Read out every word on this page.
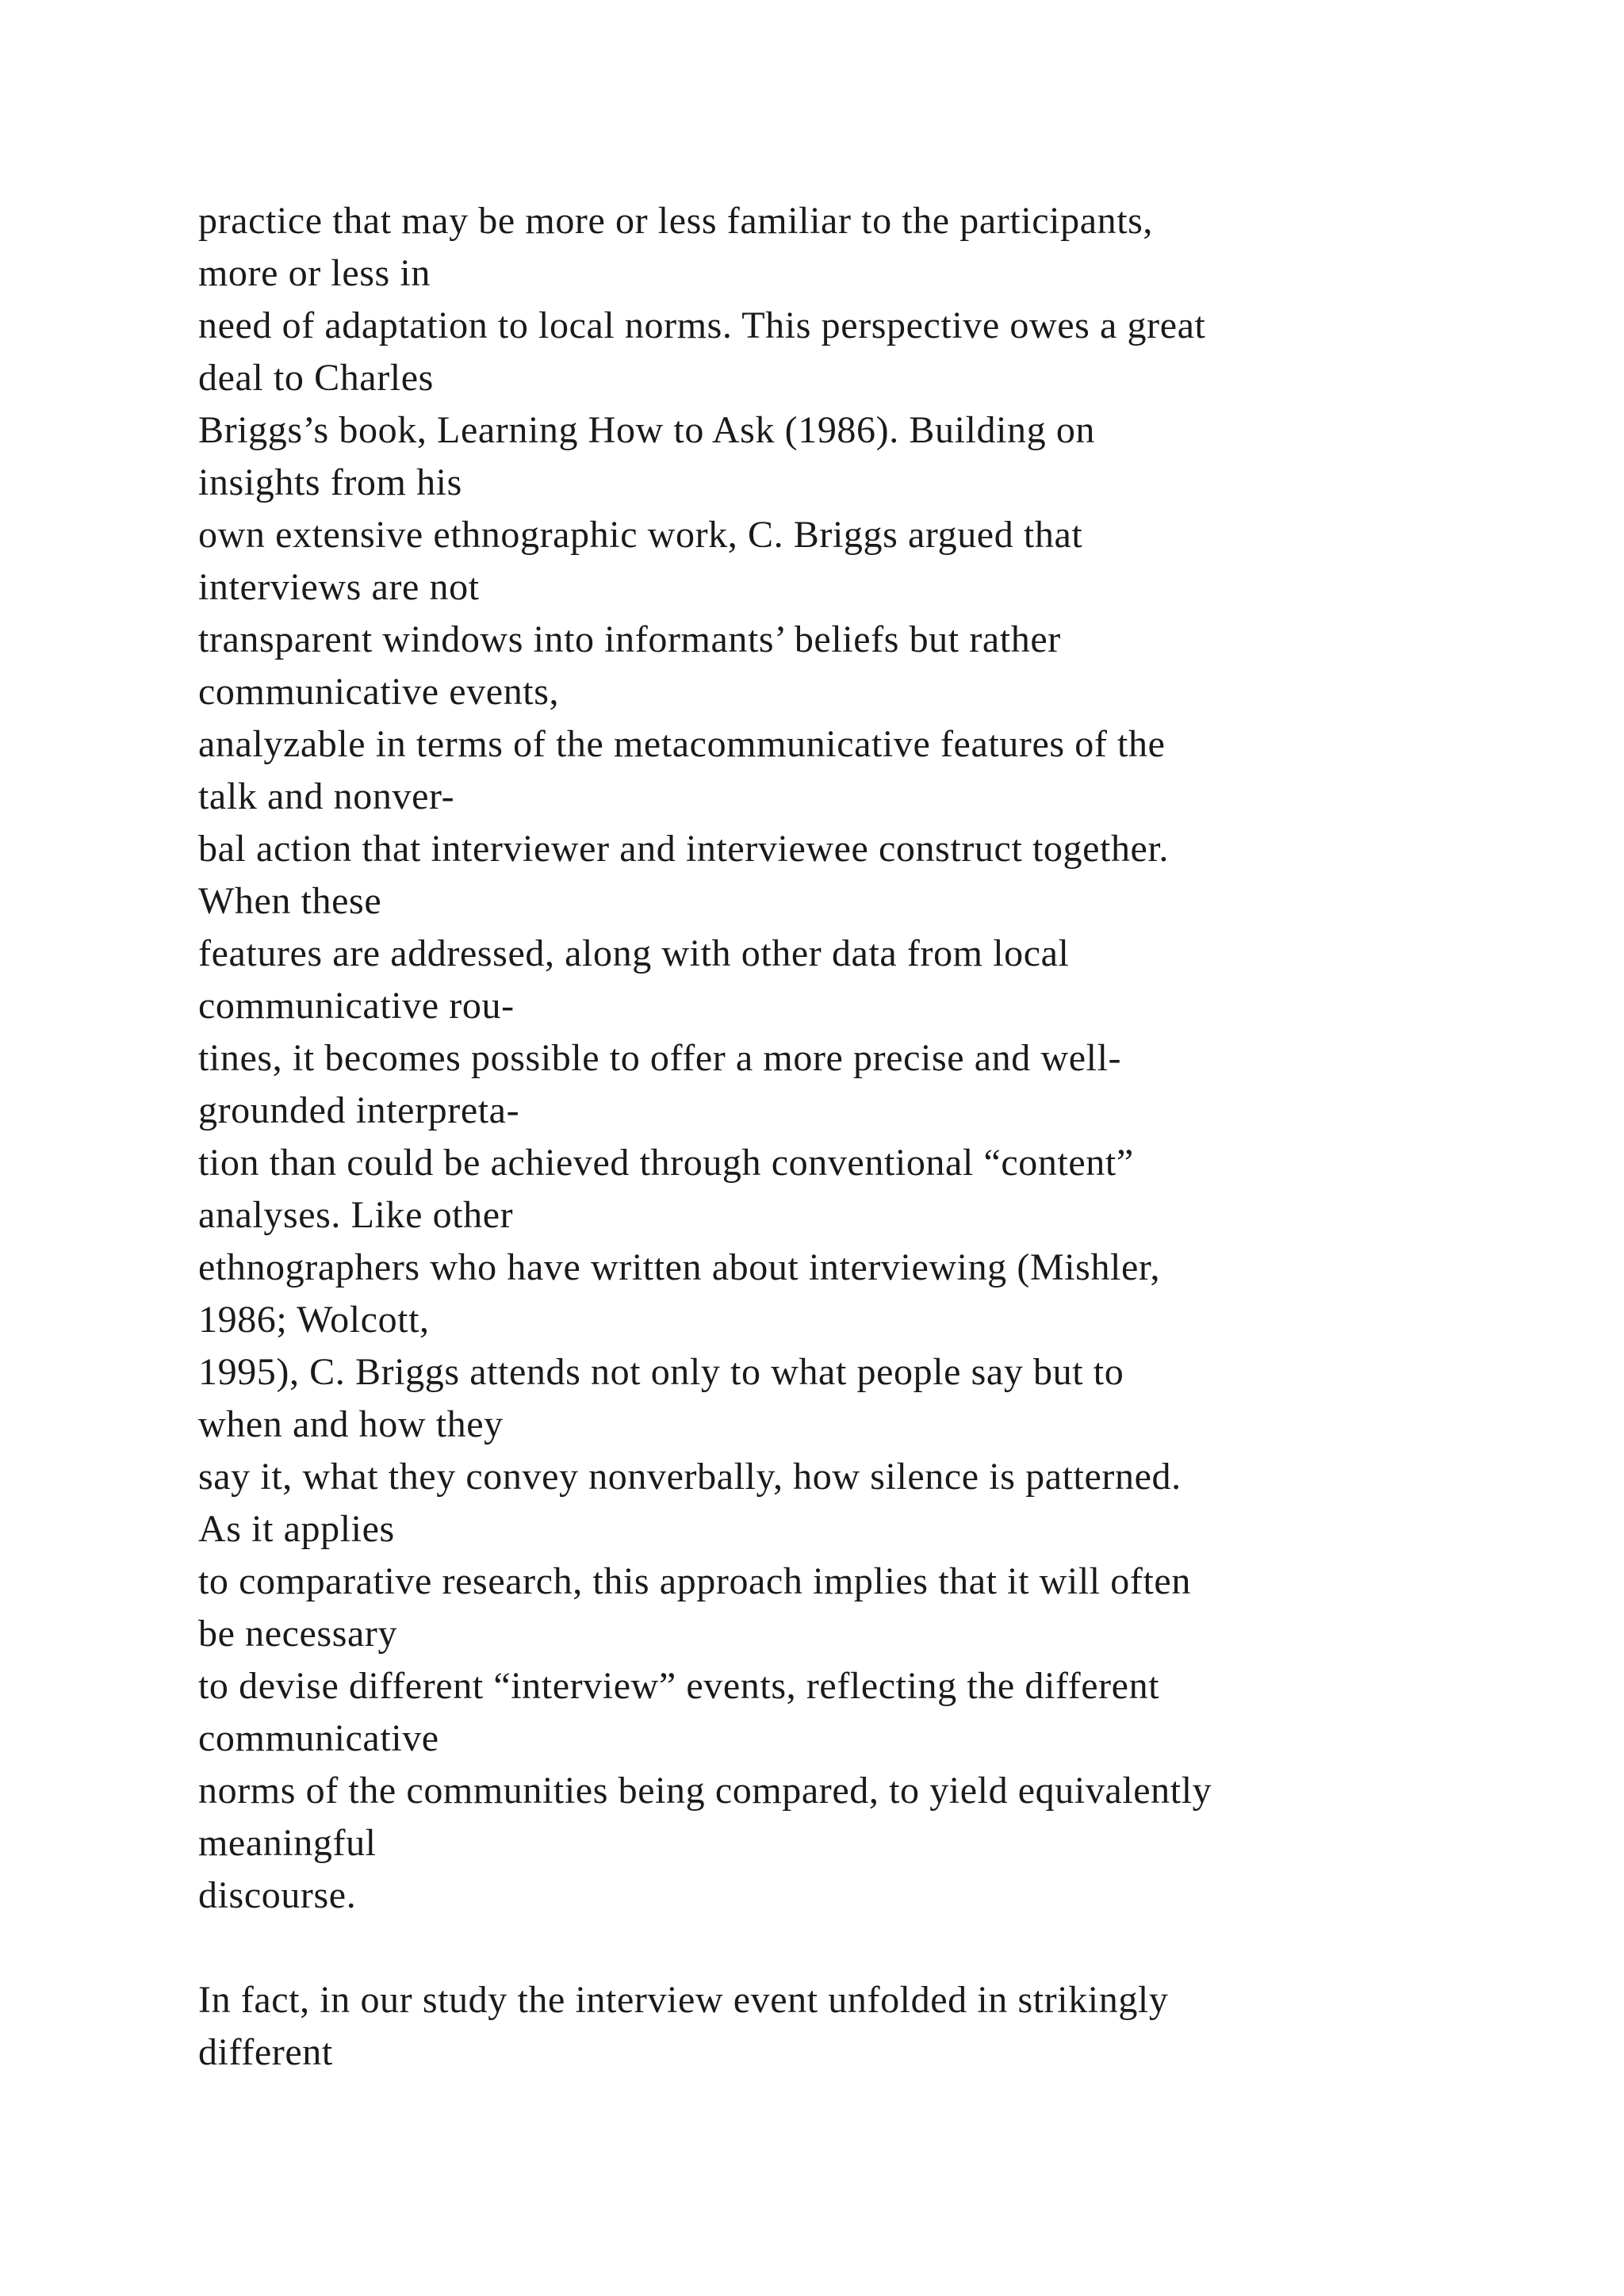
practice that may be more or less familiar to the participants,
more or less in
need of adaptation to local norms. This perspective owes a great
deal to Charles
Briggs’s book, Learning How to Ask (1986). Building on
insights from his
own extensive ethnographic work, C. Briggs argued that
interviews are not
transparent windows into informants’ beliefs but rather
communicative events,
analyzable in terms of the metacommunicative features of the
talk and nonver-
bal action that interviewer and interviewee construct together.
When these
features are addressed, along with other data from local
communicative rou-
tines, it becomes possible to offer a more precise and well-
grounded interpreta-
tion than could be achieved through conventional “content”
analyses. Like other
ethnographers who have written about interviewing (Mishler,
1986; Wolcott,
1995), C. Briggs attends not only to what people say but to
when and how they
say it, what they convey nonverbally, how silence is patterned.
As it applies
to comparative research, this approach implies that it will often
be necessary
to devise different “interview” events, reflecting the different
communicative
norms of the communities being compared, to yield equivalently
meaningful
discourse.
In fact, in our study the interview event unfolded in strikingly
different
